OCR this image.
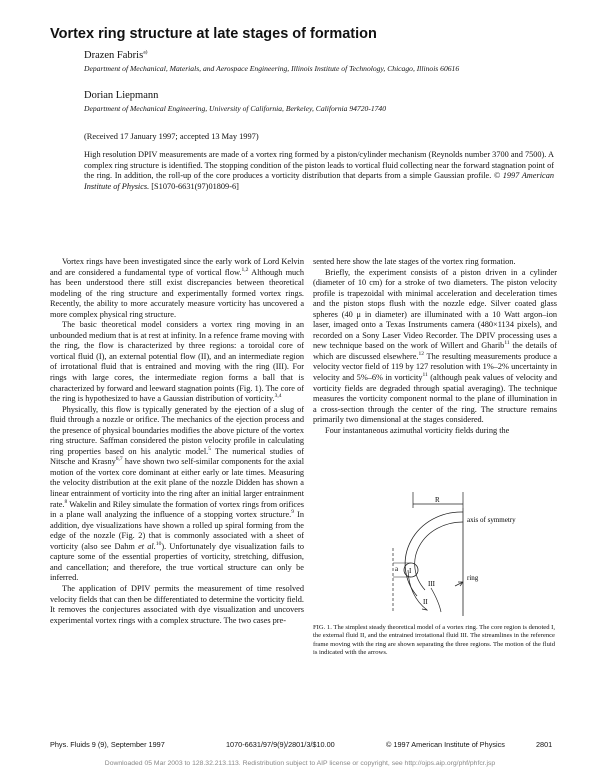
Vortex ring structure at late stages of formation
Drazen Fabris$^{a)}$
Department of Mechanical, Materials, and Aerospace Engineering, Illinois Institute of Technology, Chicago, Illinois 60616
Dorian Liepmann
Department of Mechanical Engineering, University of California, Berkeley, California 94720-1740
(Received 17 January 1997; accepted 13 May 1997)
High resolution DPIV measurements are made of a vortex ring formed by a piston/cylinder mechanism (Reynolds number 3700 and 7500). A complex ring structure is identified. The stopping condition of the piston leads to vortical fluid collecting near the forward stagnation point of the ring. In addition, the roll-up of the core produces a vorticity distribution that departs from a simple Gaussian profile. © 1997 American Institute of Physics. [S1070-6631(97)01809-6]

Vortex rings have been investigated since the early work of Lord Kelvin and are considered a fundamental type of vortical flow.$^{1,2}$ Although much has been understood there still exist discrepancies between theoretical modeling of the ring structure and experimentally formed vortex rings. Recently, the ability to more accurately measure vorticity has uncovered a more complex physical ring structure.

The basic theoretical model considers a vortex ring moving in an unbounded medium that is at rest at infinity. In a refence frame moving with the ring, the flow is characterized by three regions: a toroidal core of vortical fluid (I), an external potential flow (II), and an intermediate region of irrotational fluid that is entrained and moving with the ring (III). For rings with large cores, the intermediate region forms a ball that is characterized by forward and leeward stagnation points (Fig. 1). The core of the ring is hypothesized to have a Gaussian distribution of vorticity.$^{3,4}$

Physically, this flow is typically generated by the ejection of a slug of fluid through a nozzle or orifice. The mechanics of the ejection process and the presence of physical boundaries modifies the above picture of the vortex ring structure. Saffman considered the piston velocity profile in calculating ring properties based on his analytic model.$^5$ The numerical studies of Nitsche and Krasny$^{6,7}$ have shown two self-similar components for the axial motion of the vortex core dominant at either early or late times. Measuring the velocity distribution at the exit plane of the nozzle Didden has shown a linear entrainment of vorticity into the ring after an initial larger entrainment rate.$^8$ Wakelin and Riley simulate the formation of vortex rings from orifices in a plane wall analyzing the influence of a stopping vortex structure.$^9$ In addition, dye visualizations have shown a rolled up spiral forming from the edge of the nozzle (Fig. 2) that is commonly associated with a sheet of vorticity (also see Dahm et al.$^{10}$). Unfortunately dye visualization fails to capture some of the essential properties of vorticity, stretching, diffusion, and cancellation; and therefore, the true vortical structure can only be inferred.

The application of DPIV permits the measurement of time resolved velocity fields that can then be differentiated to determine the vorticity field. It removes the conjectures associated with dye visualization and uncovers experimental vortex rings with a complex structure. The two cases pre-

sented here show the late stages of the vortex ring formation.

Briefly, the experiment consists of a piston driven in a cylinder (diameter of 10 cm) for a stroke of two diameters. The piston velocity profile is trapezoidal with minimal acceleration and deceleration times and the piston stops flush with the nozzle edge. Silver coated glass spheres (40 μ in diameter) are illuminated with a 10 Watt argon–ion laser, imaged onto a Texas Instruments camera (480×1134 pixels), and recorded on a Sony Laser Video Recorder. The DPIV processing uses a new technique based on the work of Willert and Gharib$^{11}$ the details of which are discussed elsewhere.$^{12}$ The resulting measurements produce a velocity vector field of 119 by 127 resolution with 1%–2% uncertainty in velocity and 5%–6% in vorticity$^{11}$ (although peak values of velocity and vorticity fields are degraded through spatial averaging). The technique measures the vorticity component normal to the plane of illumination in a cross-section through the center of the ring. The structure remains primarily two dimensional at the stages considered.

Four instantaneous azimuthal vorticity fields during the

R
axis of symmetry
I
a
III
II
ring
FIG. 1. The simplest steady theoretical model of a vortex ring. The core region is denoted I, the external fluid II, and the entrained irrotational fluid III. The streamlines in the reference frame moving with the ring are shown separating the three regions. The motion of the fluid is indicated with the arrows.
Phys. Fluids 9 (9), September 1997	1070-6631/97/9(9)/2801/3/$10.00	© 1997 American Institute of Physics	2801
Downloaded 05 Mar 2003 to 128.32.213.113. Redistribution subject to AIP license or copyright, see http://ojps.aip.org/phf/phfcr.jsp
